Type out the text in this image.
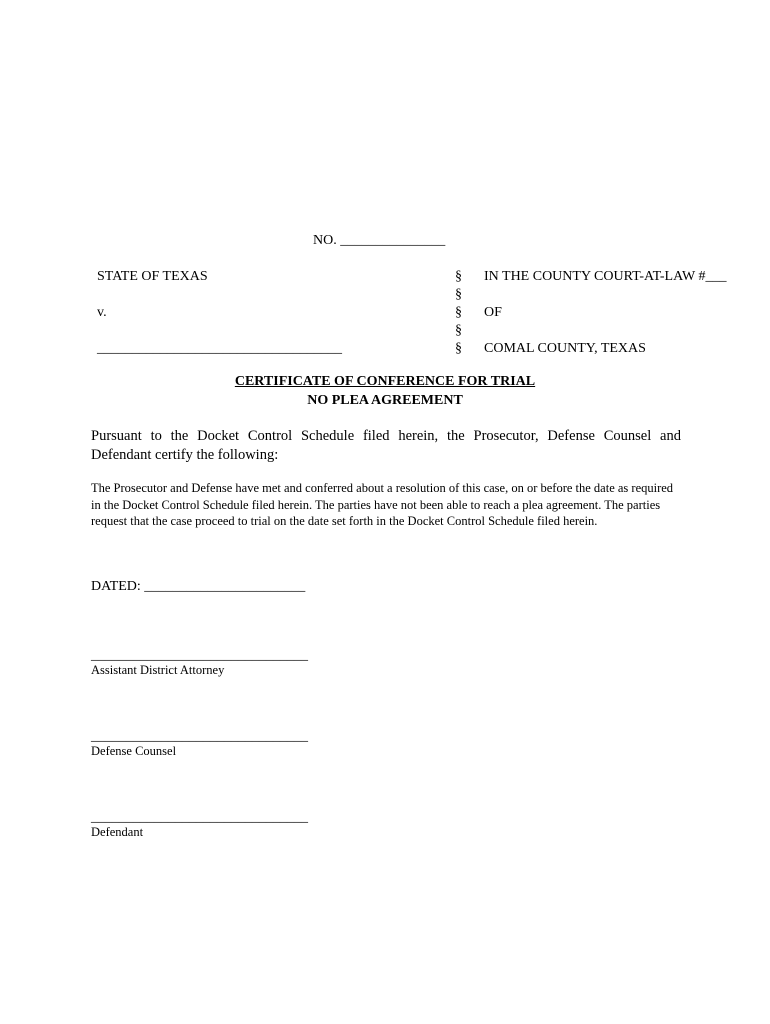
NO. _______________
STATE OF TEXAS
v.
___________________________________
§
§
§
§
§
IN THE COUNTY COURT-AT-LAW #___
OF
COMAL COUNTY, TEXAS
CERTIFICATE OF CONFERENCE FOR TRIAL
NO PLEA AGREEMENT
Pursuant to the Docket Control Schedule filed herein, the Prosecutor, Defense Counsel and Defendant certify the following:
The Prosecutor and Defense have met and conferred about a resolution of this case, on or before the date as required in the Docket Control Schedule filed herein. The parties have not been able to reach a plea agreement. The parties request that the case proceed to trial on the date set forth in the Docket Control Schedule filed herein.
DATED: _______________________
_______________________________
Assistant District Attorney
_______________________________
Defense Counsel
_______________________________
Defendant
